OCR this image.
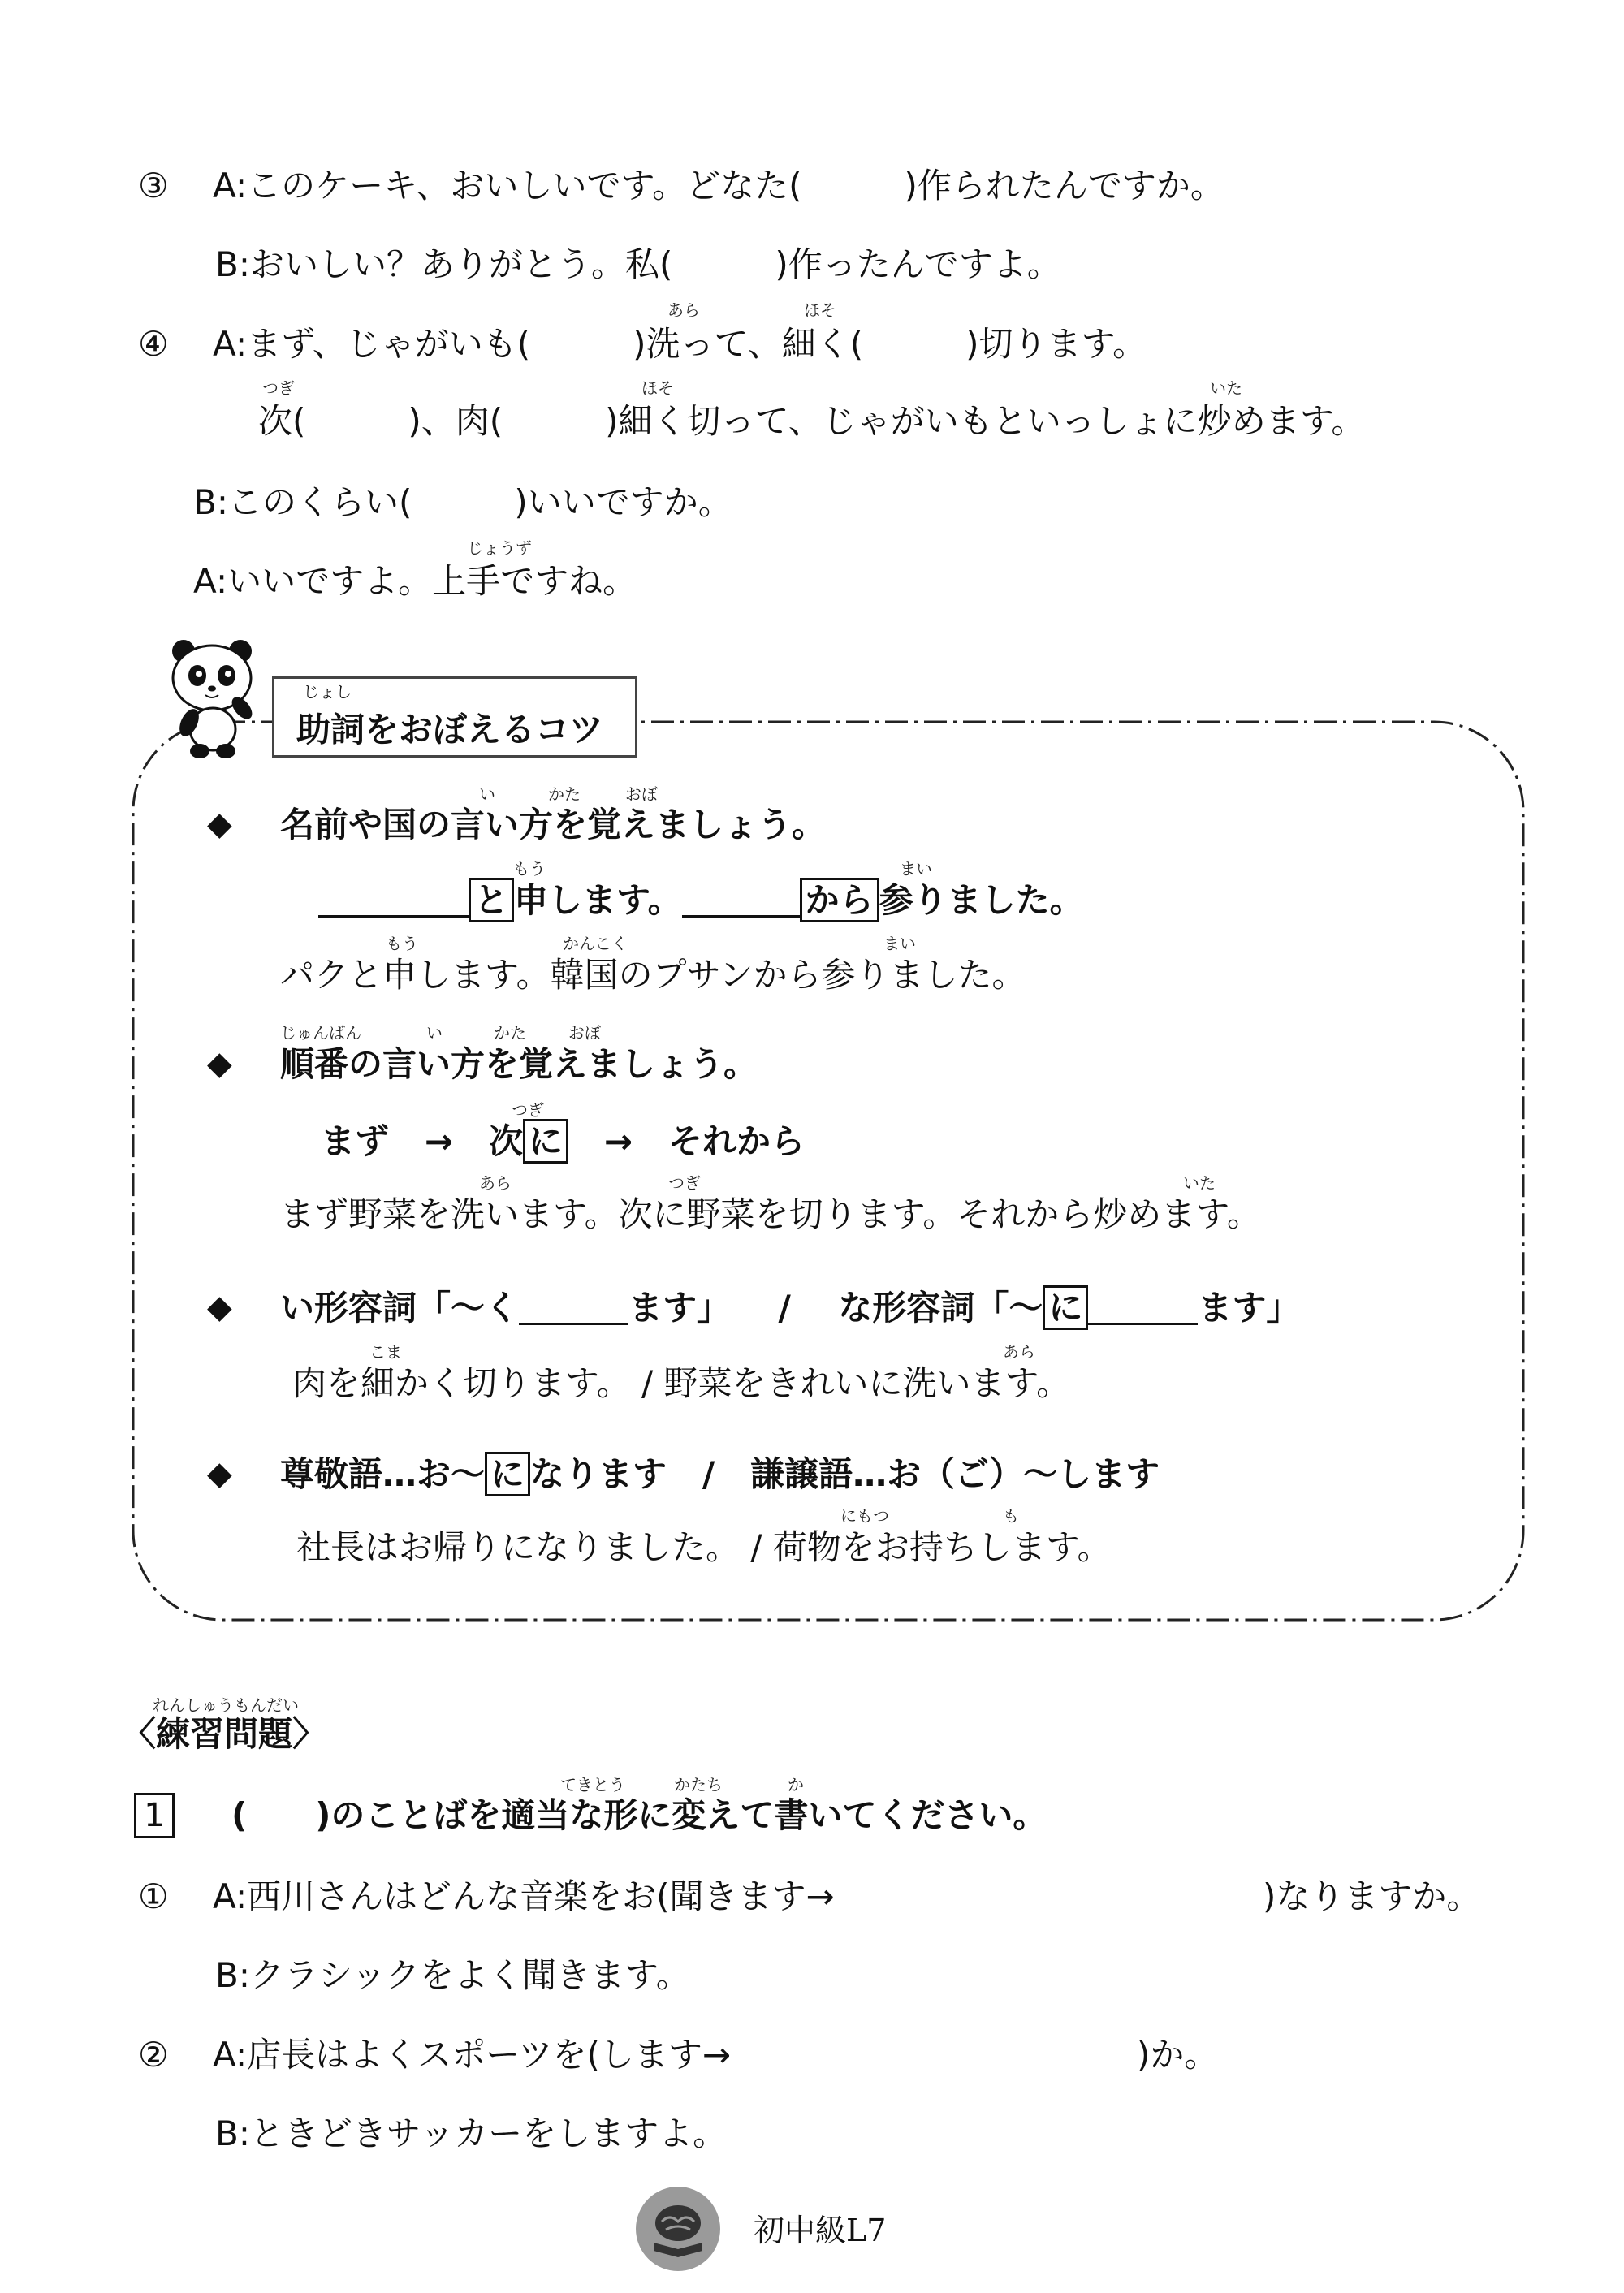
③ A:このケーキ、おいしいです。どなた(　　　)作られたんですか。
B:おいしい？ありがとう。私(　　　)作ったんですよ。
④
あら	ほそ
A:まず、じゃがいも(　　　)洗って、細く(　　　)切ります。
つぎ	ほそ	いた
次(　　　)、肉(　　　)細く切って、じゃがいもといっしょに炒めます。
B:このくらい(　　　)いいですか。
じょうず
A:いいですよ。上手ですね。
じょし
助詞をおぼえるコツ
◆
い	かた	おぼ
名前や国の言い方を覚えましょう。
もう	まい
と 申します。	から 参りました。
もう	かんこく	まい
パクと申します。韓国のプサンから参りました。
◆
じゅんばん	い	かた	おぼ
順番の言い方を覚えましょう。
つぎ
まず → 次 に → それから
あら	つぎ	いた
まず野菜を洗います。次に野菜を切ります。それから炒めます。
◆ い形容詞「～く	ます」 / な形容詞「～ に	ます」
こま	あら
肉を細かく切ります。 / 野菜をきれいに洗います。
◆ 尊敬語…お～ に なります / 謙譲語…お（ご）～します
にもつ	も
社長はお帰りになりました。 / 荷物をお持ちします。
れんしゅうもんだい
〈練習問題〉
1
てきとう	かたち	か
(　　)のことばを適当な形に変えて書いてください。
① A:西川さんはどんな音楽をお(聞きます→	)なりますか。
B:クラシックをよく聞きます。
② A:店長はよくスポーツを(します→	)か。
B:ときどきサッカーをしますよ。
初中級L7
